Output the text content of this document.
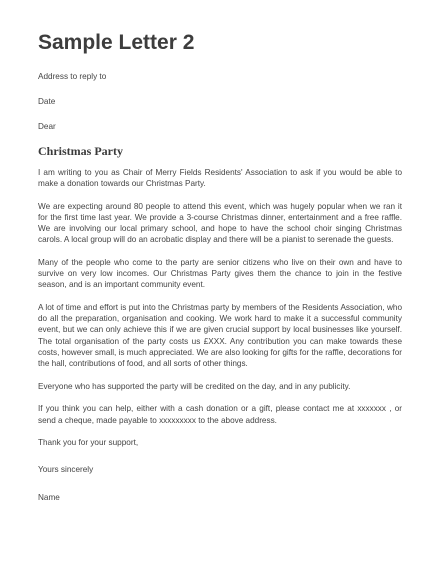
Sample Letter 2

Address to reply to

Date

Dear

Christmas Party

I am writing to you as Chair of Merry Fields Residents' Association to ask if you would be able to make a donation towards our Christmas Party.

We are expecting around 80 people to attend this event, which was hugely popular when we ran it for the first time last year. We provide a 3-course Christmas dinner, entertainment and a free raffle. We are involving our local primary school, and hope to have the school choir singing Christmas carols. A local group will do an acrobatic display and there will be a pianist to serenade the guests.

Many of the people who come to the party are senior citizens who live on their own and have to survive on very low incomes. Our Christmas Party gives them the chance to join in the festive season, and is an important community event.

A lot of time and effort is put into the Christmas party by members of the Residents Association, who do all the preparation, organisation and cooking. We work hard to make it a successful community event, but we can only achieve this if we are given crucial support by local businesses like yourself. The total organisation of the party costs us £XXX. Any contribution you can make towards these costs, however small, is much appreciated. We are also looking for gifts for the raffle, decorations for the hall, contributions of food, and all sorts of other things.

Everyone who has supported the party will be credited on the day, and in any publicity.

If you think you can help, either with a cash donation or a gift, please contact me at xxxxxxx , or send a cheque, made payable to xxxxxxxxx to the above address.

Thank you for your support,

Yours sincerely

Name
